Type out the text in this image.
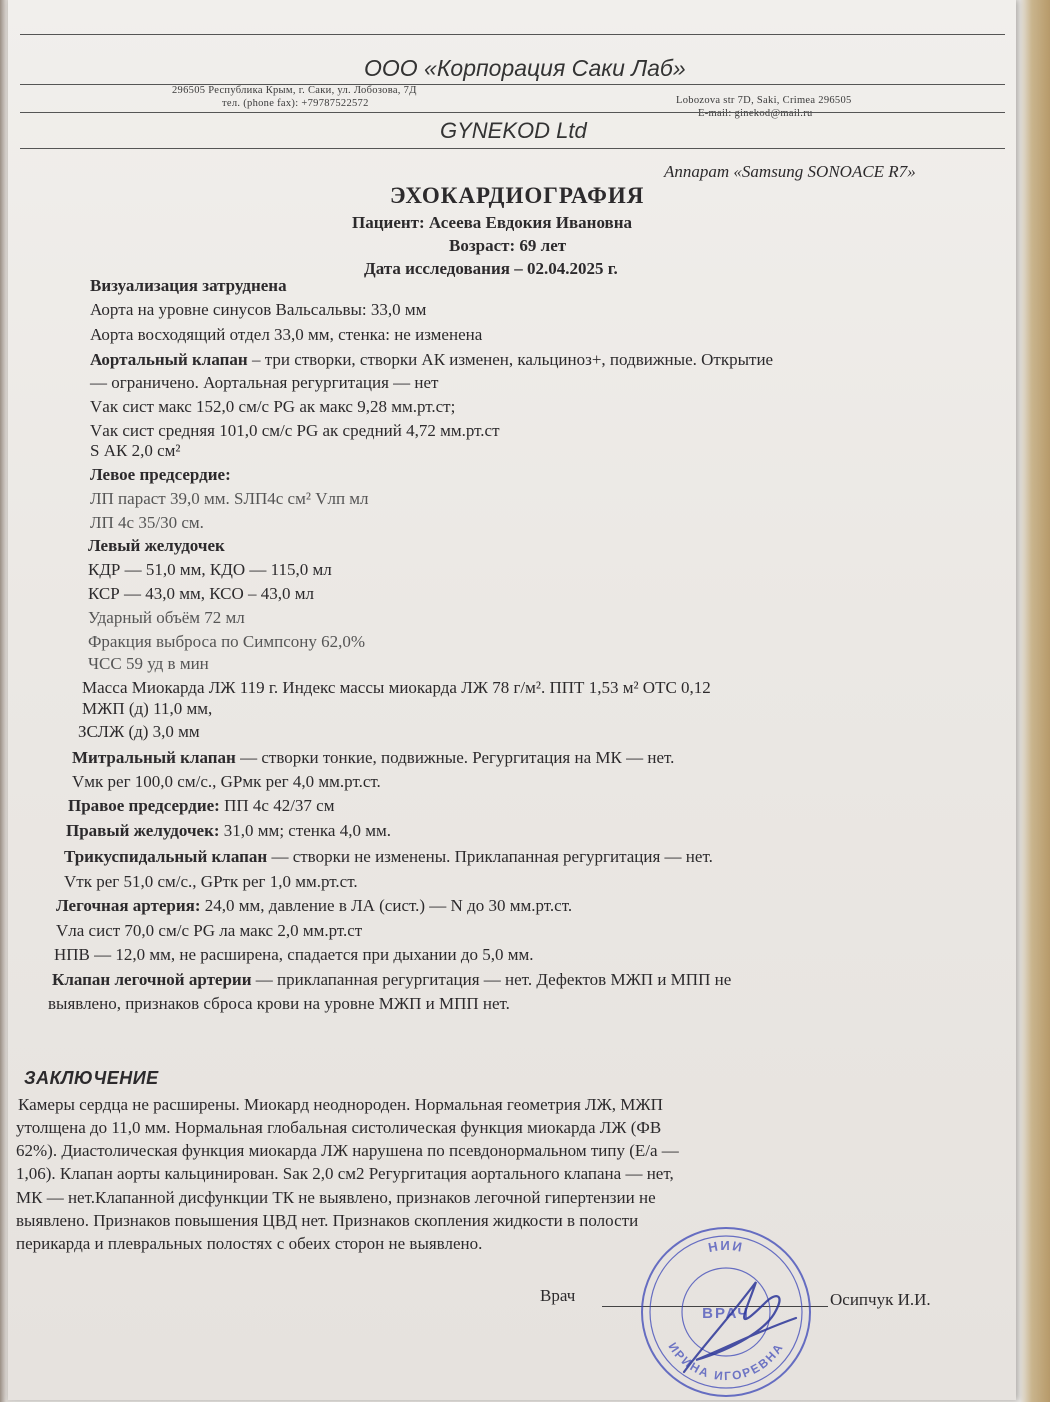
ООО «Корпорация Саки Лаб»
296505 Республика Крым, г. Саки, ул. Лобозова, 7Д
тел. (phone fax): +79787522572	Lobozova str 7D, Saki, Crimea 296505
E-mail: ginekod@mail.ru
GYNEKOD Ltd
Аппарат «Samsung SONOACE R7»
ЭХОКАРДИОГРАФИЯ
Пациент: Асеева Евдокия Ивановна
Возраст: 69 лет
Дата исследования – 02.04.2025 г.
Визуализация затруднена
Аорта на уровне синусов Вальсальвы: 33,0 мм
Аорта восходящий отдел 33,0 мм, стенка: не изменена
Аортальный клапан – три створки, створки АК изменен, кальциноз+, подвижные. Открытие
— ограничено. Аортальная регургитация — нет
Vак сист макс 152,0 см/с PG ак макс 9,28 мм.рт.ст;
Vак сист средняя 101,0 см/с PG ак средний 4,72 мм.рт.ст
S АК 2,0 см²
Левое предсердие:
ЛП параст 39,0 мм. SЛП4с см² Vлп мл
ЛП 4с 35/30 см.
Левый желудочек
КДР — 51,0 мм, КДО — 115,0 мл
КСР — 43,0 мм, КСО – 43,0 мл
Ударный объём 72 мл
Фракция выброса по Симпсону 62,0%
ЧСС 59 уд в мин
Масса Миокарда ЛЖ 119 г. Индекс массы миокарда ЛЖ 78 г/м². ППТ 1,53 м² ОТС 0,12
МЖП (д) 11,0 мм,
ЗСЛЖ (д) 3,0 мм
Митральный клапан — створки тонкие, подвижные. Регургитация на МК — нет.
Vмк рег 100,0 см/с., GPмк рег 4,0 мм.рт.ст.
Правое предсердие: ПП 4с 42/37 см
Правый желудочек: 31,0 мм; стенка 4,0 мм.
Трикуспидальный клапан — створки не изменены. Приклапанная регургитация — нет.
Vтк рег 51,0 см/с., GPтк рег 1,0 мм.рт.ст.
Легочная артерия: 24,0 мм, давление в ЛА (сист.) — N до 30 мм.рт.ст.
Vла сист 70,0 см/с PG ла макс 2,0 мм.рт.ст
НПВ — 12,0 мм, не расширена, спадается при дыхании до 5,0 мм.
Клапан легочной артерии — приклапанная регургитация — нет. Дефектов МЖП и МПП не
выявлено, признаков сброса крови на уровне МЖП и МПП нет.
ЗАКЛЮЧЕНИЕ
Камеры сердца не расширены. Миокард неоднороден. Нормальная геометрия ЛЖ, МЖП
утолщена до 11,0 мм. Нормальная глобальная систолическая функция миокарда ЛЖ (ФВ
62%). Диастолическая функция миокарда ЛЖ нарушена по псевдонормальном типу (E/a —
1,06). Клапан аорты кальцинирован. Sак 2,0 см2 Регургитация аортального клапана — нет,
МК — нет.Клапанной дисфункции ТК не выявлено, признаков легочной гипертензии не
выявлено. Признаков повышения ЦВД нет. Признаков скопления жидкости в полости
перикарда и плевральных полостях с обеих сторон не выявлено.
Врач	Осипчук И.И.
НИИ
ИРИНА ИГОРЕВНА
ВРАЧ
